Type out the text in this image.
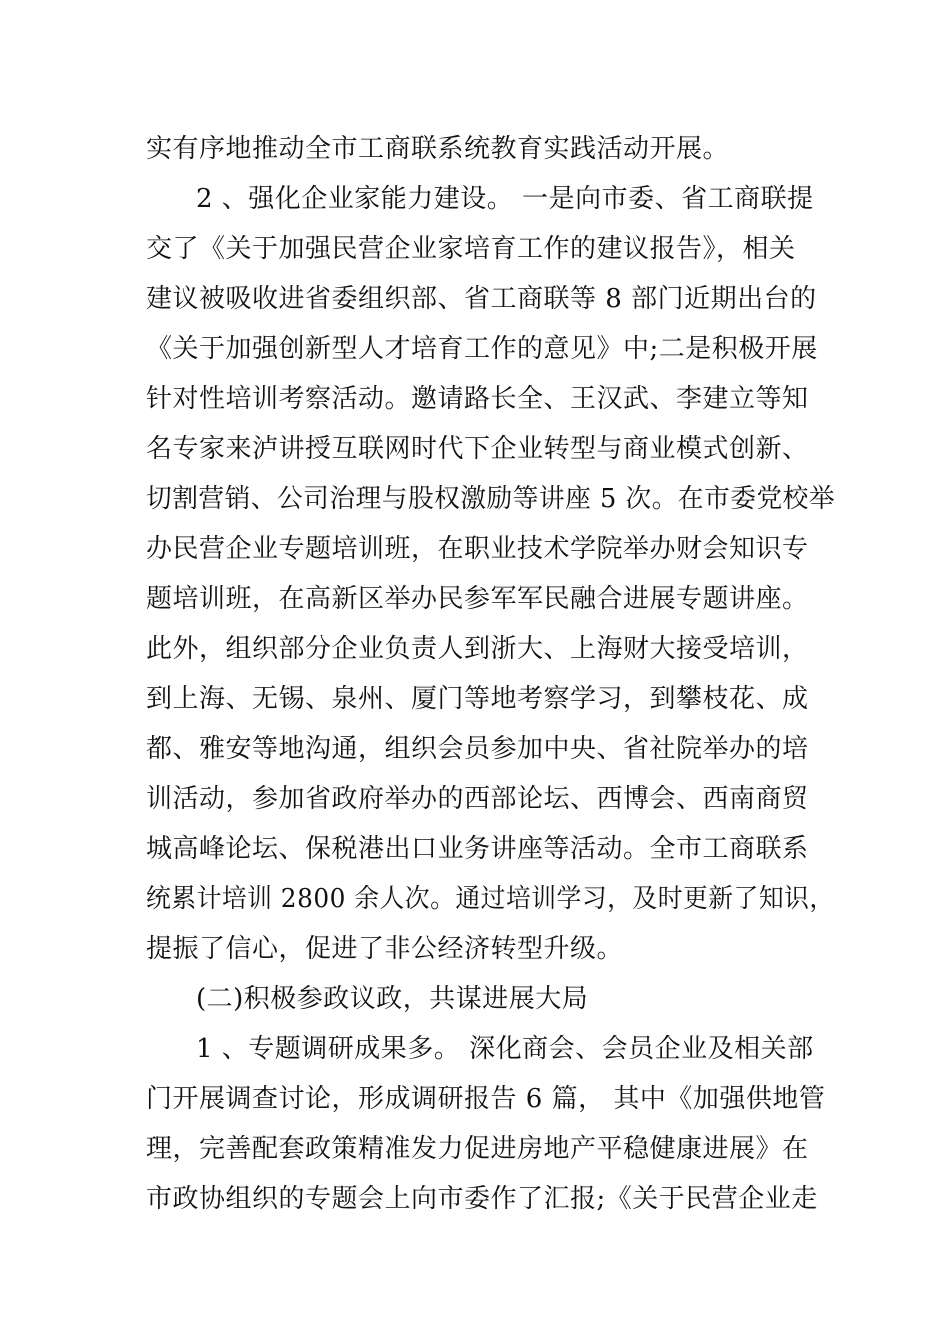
实有序地推动全市工商联系统教育实践活动开展。
2 、强化企业家能力建设。 一是向市委、省工商联提
交了《关于加强民营企业家培育工作的建议报告》，相关
建议被吸收进省委组织部、省工商联等 8 部门近期出台的
《关于加强创新型人才培育工作的意见》中;二是积极开展
针对性培训考察活动。邀请路长全、王汉武、李建立等知
名专家来泸讲授互联网时代下企业转型与商业模式创新、
切割营销、公司治理与股权激励等讲座 5 次。在市委党校举
办民营企业专题培训班，在职业技术学院举办财会知识专
题培训班，在高新区举办民参军军民融合进展专题讲座。
此外，组织部分企业负责人到浙大、上海财大接受培训，
到上海、无锡、泉州、厦门等地考察学习，到攀枝花、成
都、雅安等地沟通，组织会员参加中央、省社院举办的培
训活动，参加省政府举办的西部论坛、西博会、西南商贸
城高峰论坛、保税港出口业务讲座等活动。全市工商联系
统累计培训 2800 余人次。通过培训学习，及时更新了知识，
提振了信心，促进了非公经济转型升级。
(二)积极参政议政，共谋进展大局
1 、专题调研成果多。 深化商会、会员企业及相关部
门开展调查讨论，形成调研报告 6 篇， 其中《加强供地管
理，完善配套政策精准发力促进房地产平稳健康进展》在
市政协组织的专题会上向市委作了汇报;《关于民营企业走
